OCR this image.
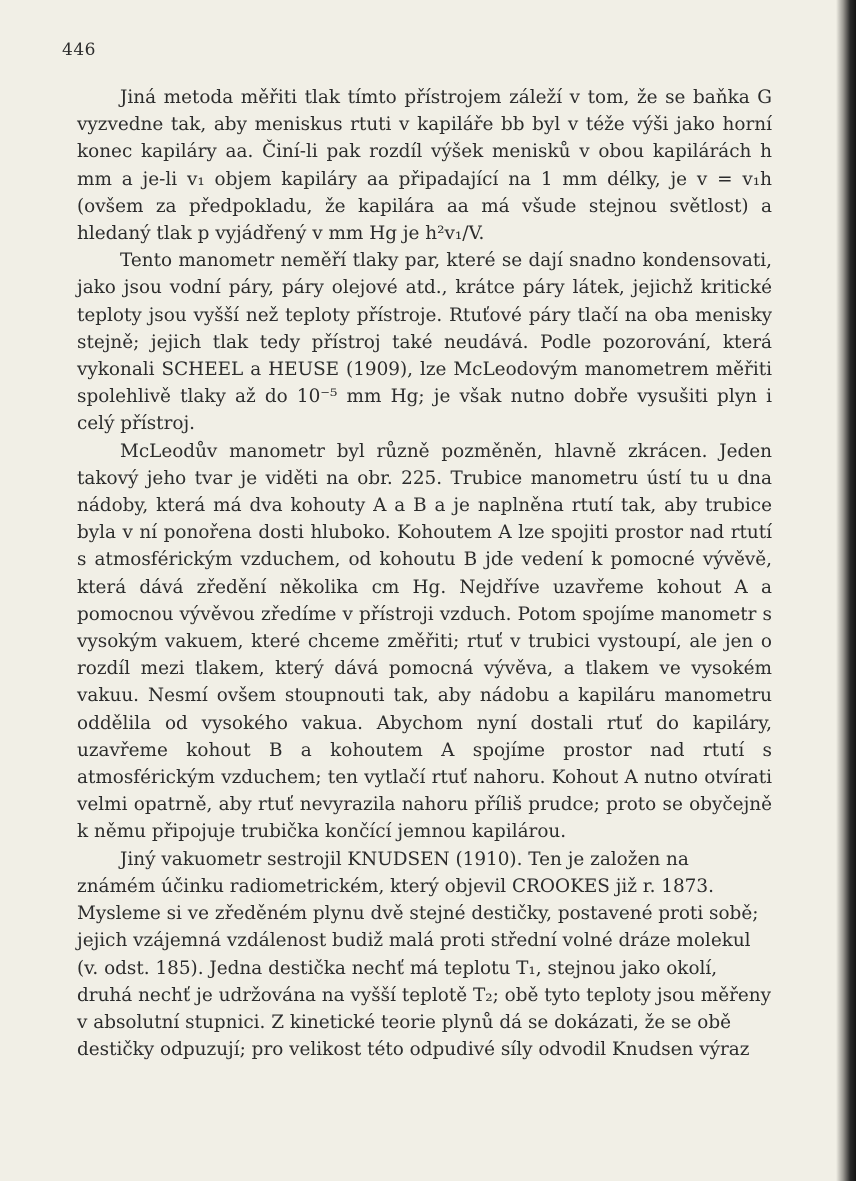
446

Jiná metoda měřiti tlak tímto přístrojem záleží v tom, že se baňka G vyzvedne tak, aby meniskus rtuti v kapiláře bb byl v téže výši jako horní konec kapiláry aa. Činí-li pak rozdíl výšek menisků v obou kapilárách h mm a je-li v₁ objem kapiláry aa připadající na 1 mm délky, je v = v₁h (ovšem za předpokladu, že kapilára aa má všude stejnou světlost) a hledaný tlak p vyjádřený v mm Hg je h²v₁/V.

Tento manometr neměří tlaky par, které se dají snadno kondensovati, jako jsou vodní páry, páry olejové atd., krátce páry látek, jejichž kritické teploty jsou vyšší než teploty přístroje. Rtuťové páry tlačí na oba menisky stejně; jejich tlak tedy přístroj také neudává. Podle pozorování, která vykonali SCHEEL a HEUSE (1909), lze McLeodovým manometrem měřiti spolehlivě tlaky až do 10⁻⁵ mm Hg; je však nutno dobře vysušiti plyn i celý přístroj.

McLeodův manometr byl různě pozměněn, hlavně zkrácen. Jeden takový jeho tvar je viděti na obr. 225. Trubice manometru ústí tu u dna nádoby, která má dva kohouty A a B a je naplněna rtutí tak, aby trubice byla v ní ponořena dosti hluboko. Kohoutem A lze spojiti prostor nad rtutí s atmosférickým vzduchem, od kohoutu B jde vedení k pomocné vývěvě, která dává zředění několika cm Hg. Nejdříve uzavřeme kohout A a pomocnou vývěvou zředíme v přístroji vzduch. Potom spojíme manometr s vysokým vakuem, které chceme změřiti; rtuť v trubici vystoupí, ale jen o rozdíl mezi tlakem, který dává pomocná vývěva, a tlakem ve vysokém vakuu. Nesmí ovšem stoupnouti tak, aby nádobu a kapiláru manometru oddělila od vysokého vakua. Abychom nyní dostali rtuť do kapiláry, uzavřeme kohout B a kohoutem A spojíme prostor nad rtutí s atmosférickým vzduchem; ten vytlačí rtuť nahoru. Kohout A nutno otvírati velmi opatrně, aby rtuť nevyrazila nahoru příliš prudce; proto se obyčejně k němu připojuje trubička končící jemnou kapilárou.

Jiný vakuometr sestrojil KNUDSEN (1910). Ten je založen na známém účinku radiometrickém, který objevil CROOKES již r. 1873. Mysleme si ve zředěném plynu dvě stejné destičky, postavené proti sobě; jejich vzájemná vzdálenost budiž malá proti střední volné dráze molekul (v. odst. 185). Jedna destička nechť má teplotu T₁, stejnou jako okolí, druhá nechť je udržována na vyšší teplotě T₂; obě tyto teploty jsou měřeny v absolutní stupnici. Z kinetické teorie plynů dá se dokázati, že se obě destičky odpuzují; pro velikost této odpudivé síly odvodil Knudsen výraz
